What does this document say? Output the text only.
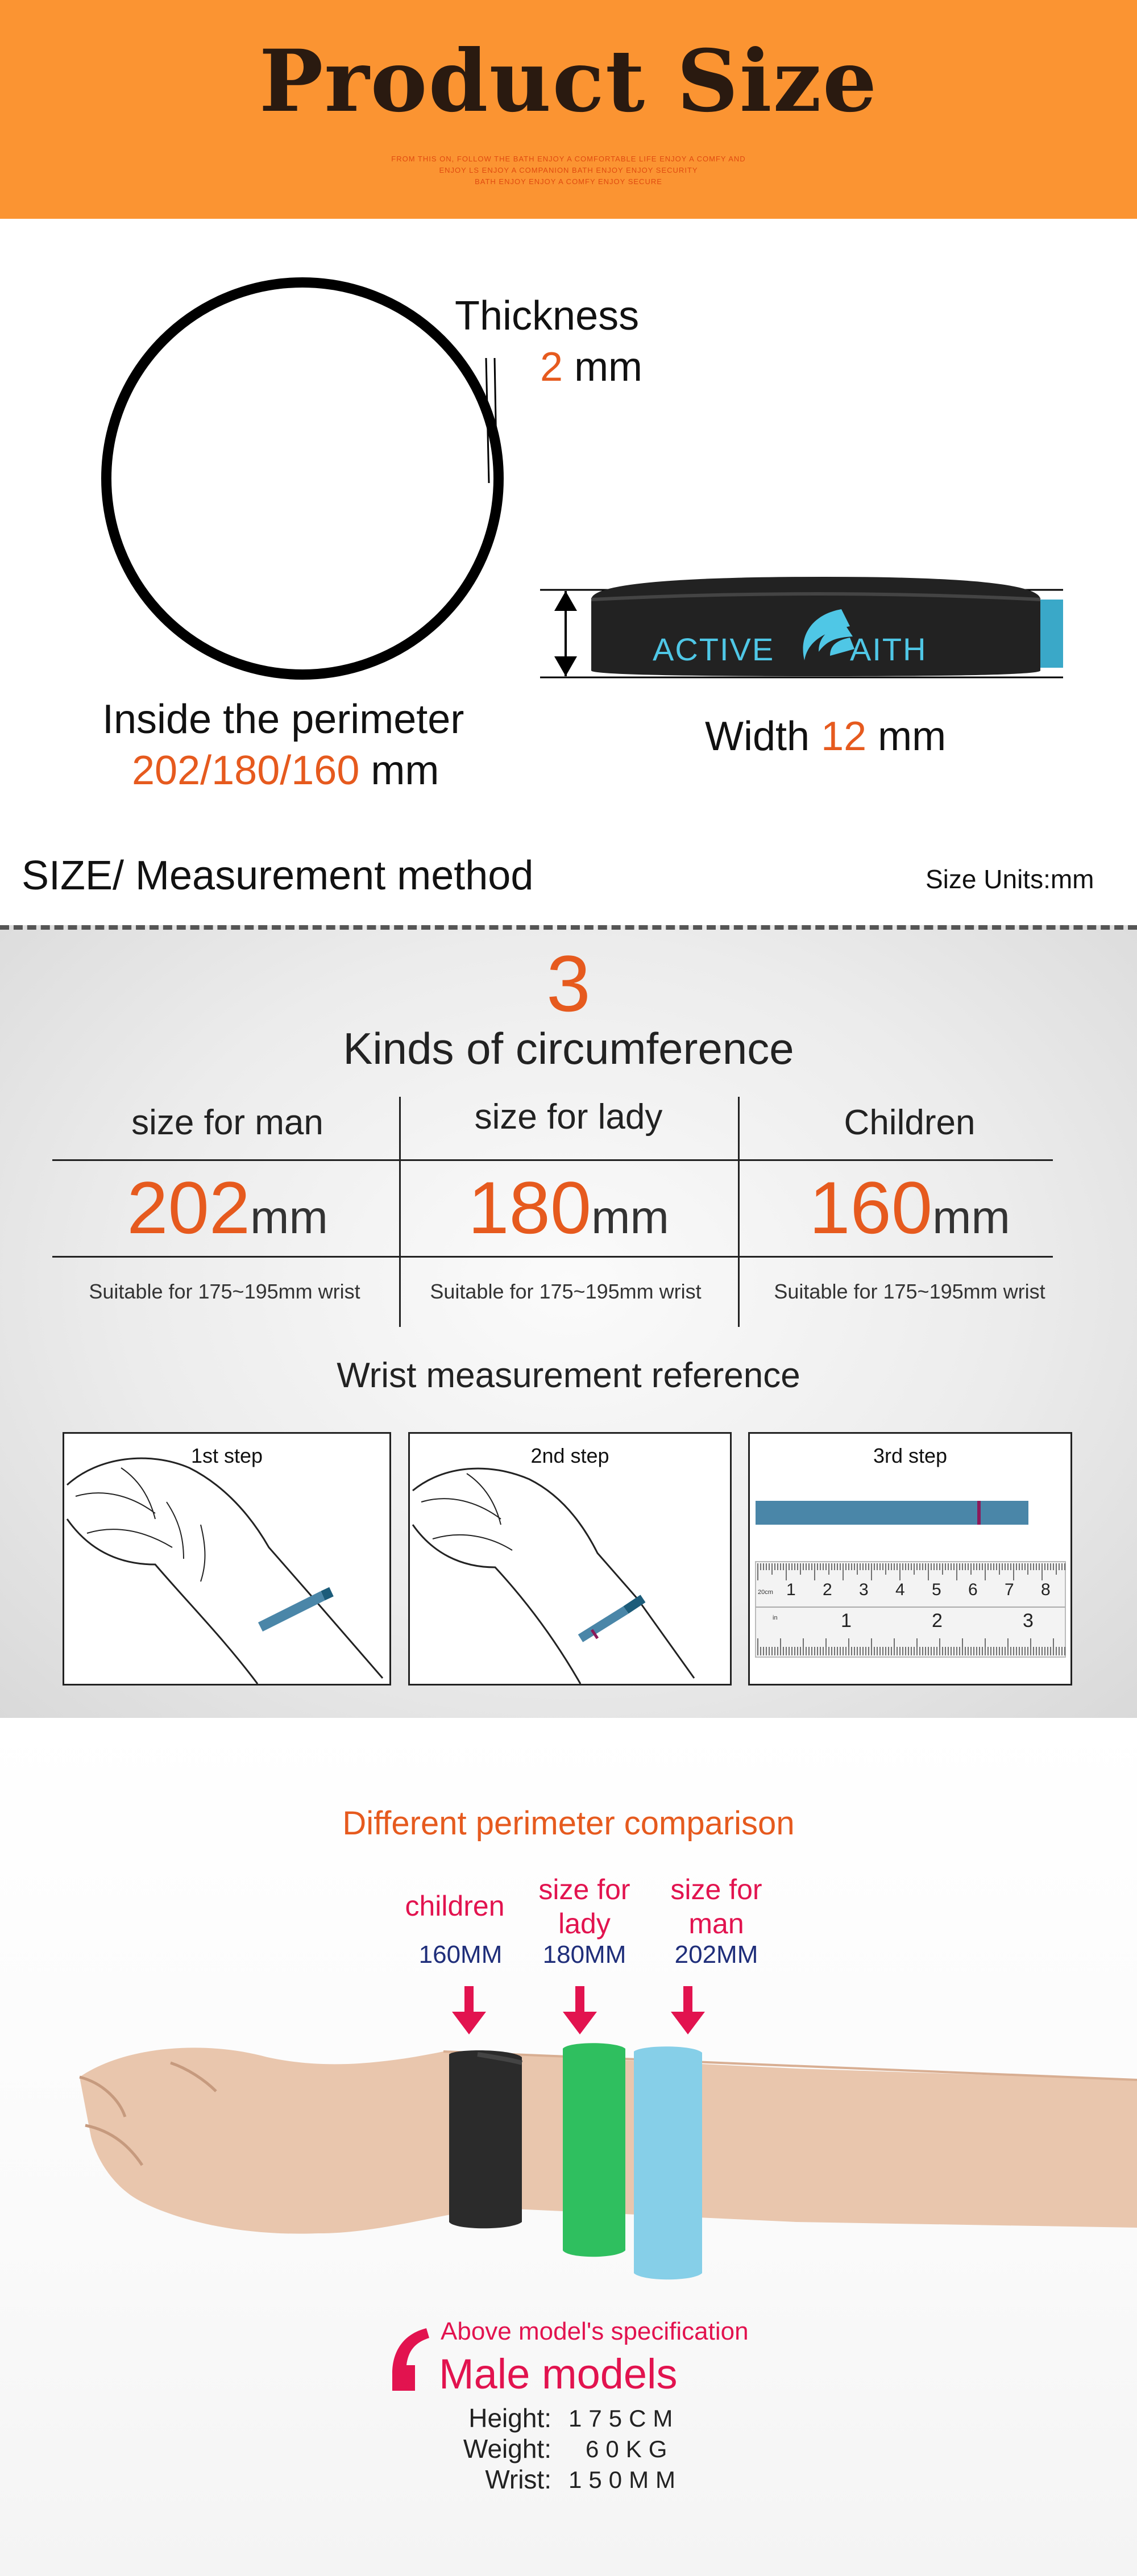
Product Size
FROM THIS ON, FOLLOW THE BATH ENJOY A COMFORTABLE LIFE ENJOY A COMFY AND
ENJOY LS ENJOY A COMPANION BATH ENJOY ENJOY SECURITY
BATH ENJOY ENJOY A COMFY ENJOY SECURE
Thickness
2 mm
ACTIVE AITH
Inside the perimeter
202/180/160 mm
Width 12 mm
SIZE/ Measurement method	Size Units:mm
3
Kinds of circumference
size for man	size for lady	Children
202mm	180mm	160mm
Suitable for 175~195mm wrist	Suitable for 175~195mm wrist	Suitable for 175~195mm wrist
Wrist measurement reference
1st step	2nd step	3rd step
20cm
in
1 2 3 4 5 6 7 8
1	2	3
Different perimeter comparison
children
160MM
size for lady
180MM
size for man
202MM
Above model's specification
Male models
Height: 175CM
Weight: 60KG
Wrist: 150MM
